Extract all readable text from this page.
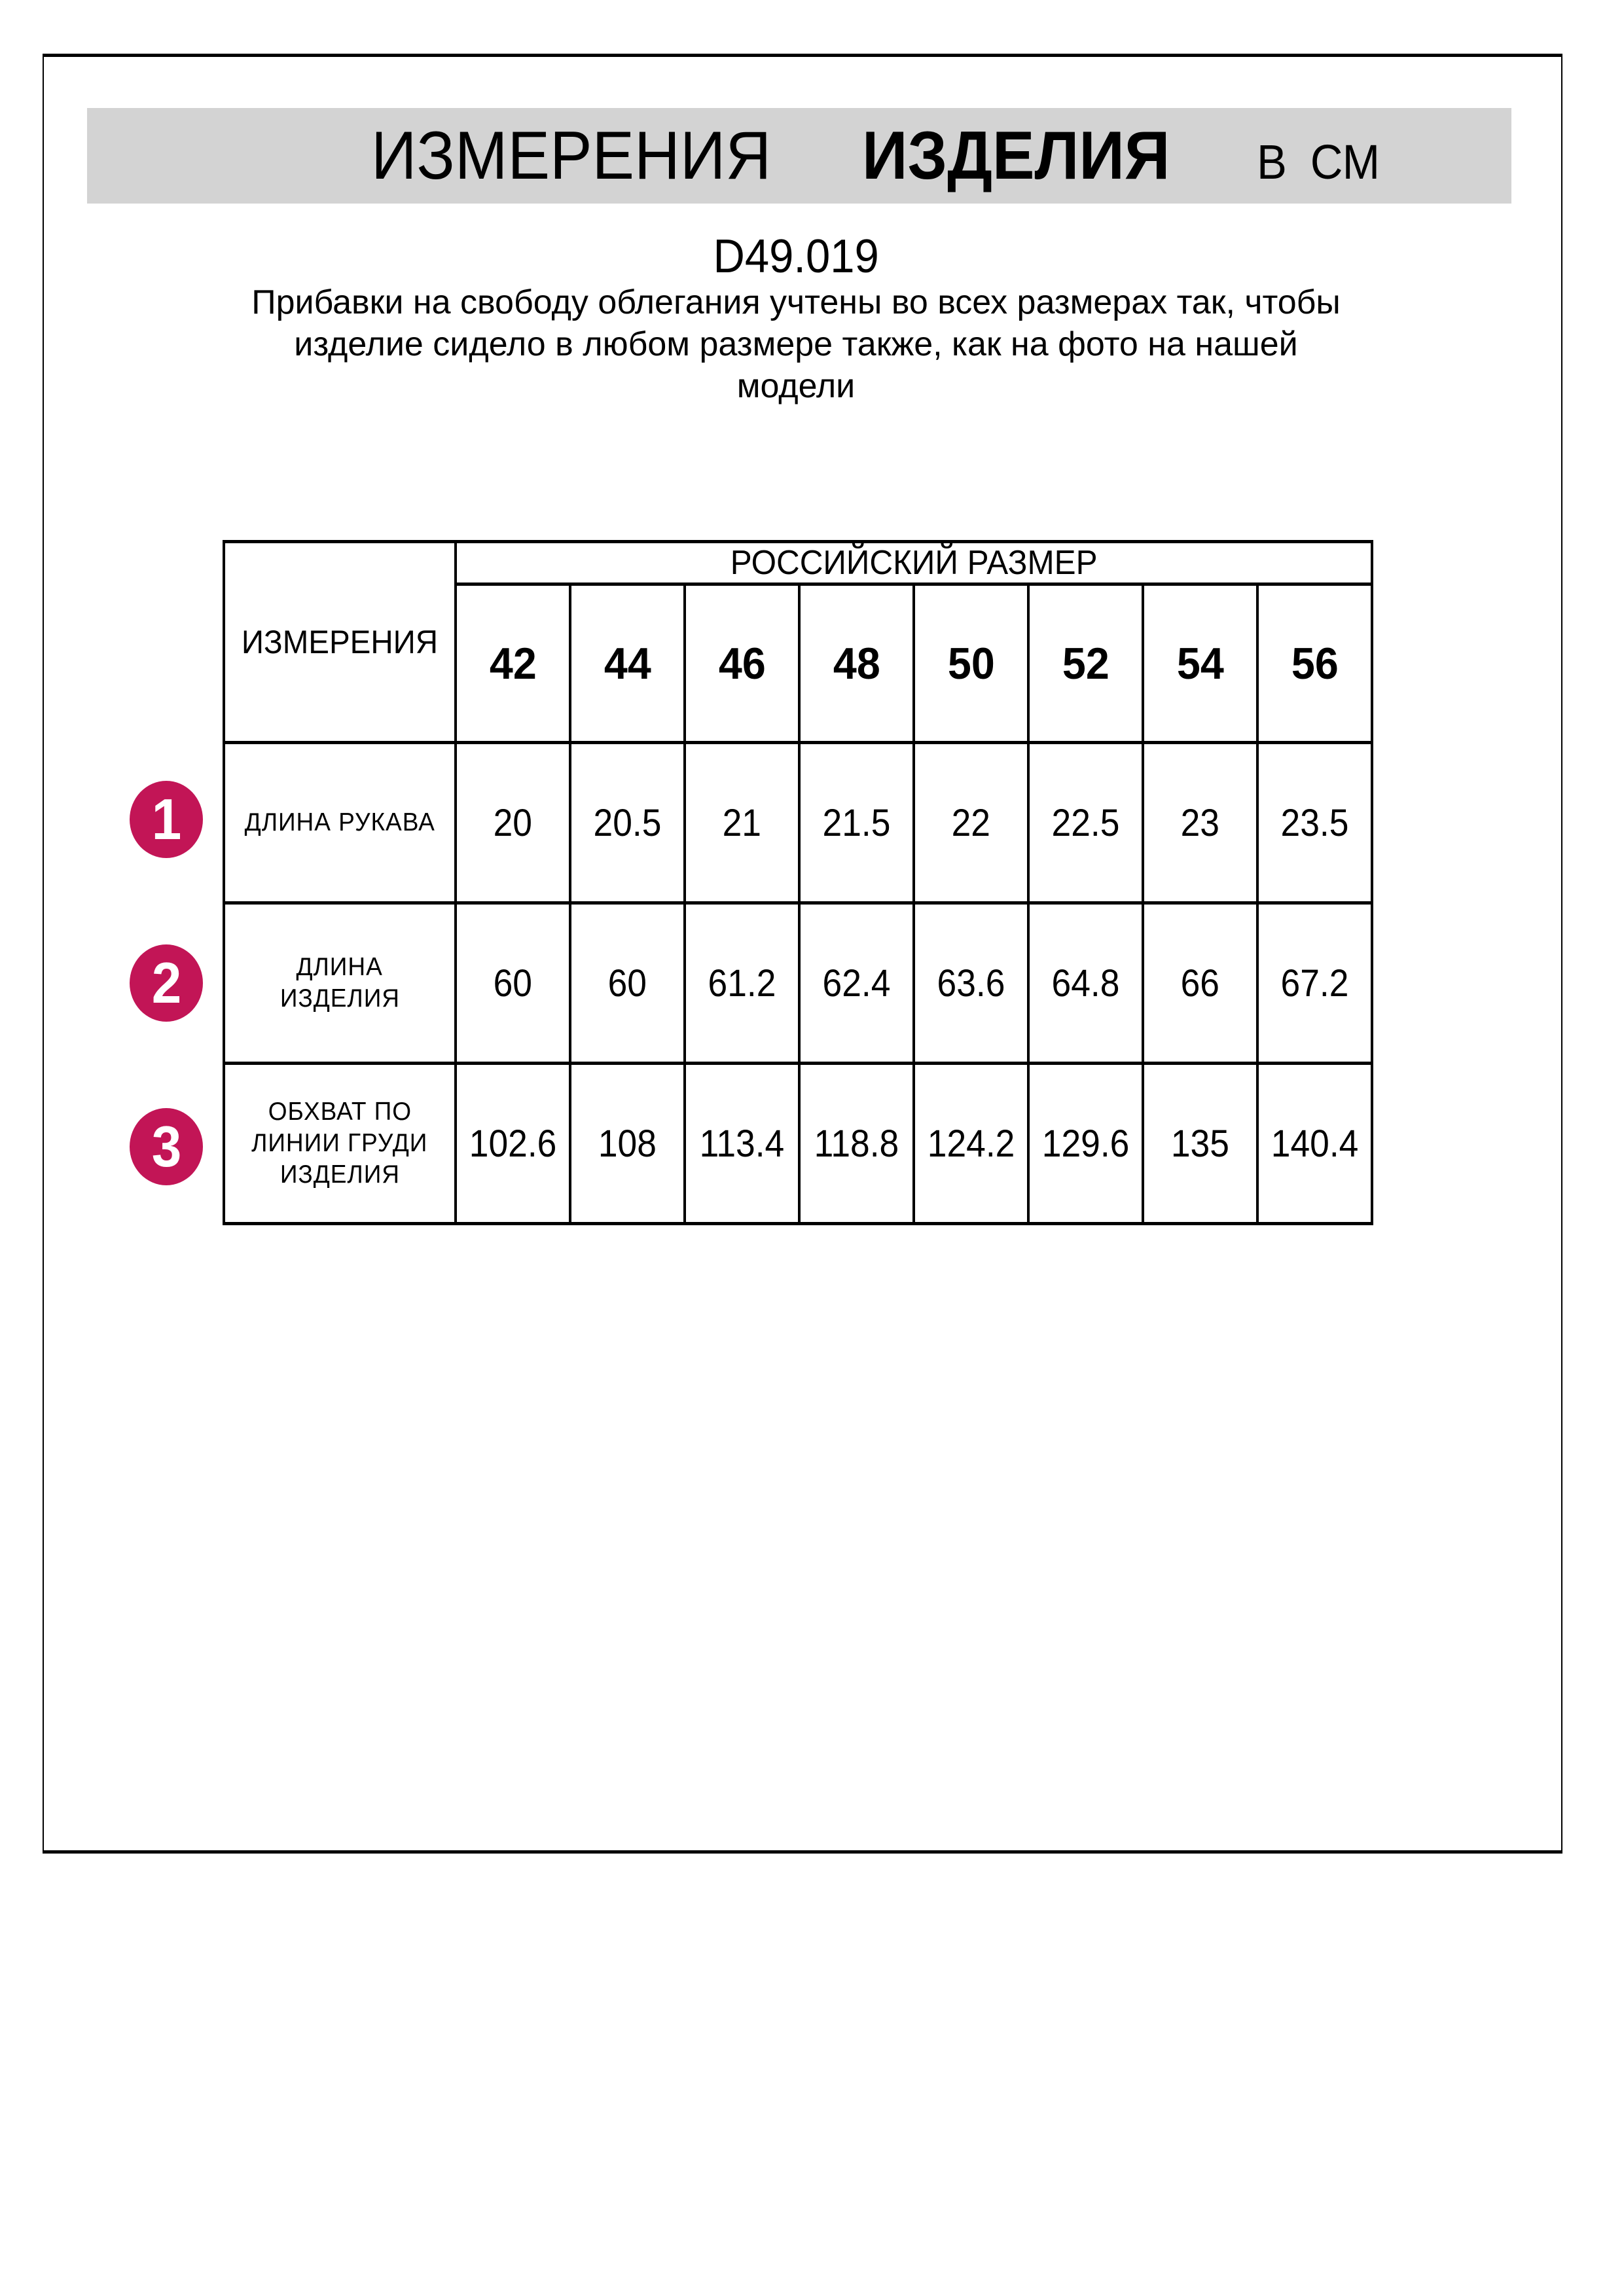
ИЗМЕРЕНИЯ ИЗДЕЛИЯ В СМ
D49.019
Прибавки на свободу облегания учтены во всех размерах так, чтобы
изделие сидело в любом размере также, как на фото на нашей
модели
ИЗМЕРЕНИЯ	РОССИЙСКИЙ РАЗМЕР							
	42	44	46	48	50	52	54	56

ДЛИНА РУКАВА	20	20.5	21	21.5	22	22.5	23	23.5

ДЛИНА
ИЗДЕЛИЯ	60	60	61.2	62.4	63.6	64.8	66	67.2

ОБХВАТ ПО
ЛИНИИ ГРУДИ
ИЗДЕЛИЯ	102.6	108	113.4	118.8	124.2	129.6	135	140.4
1
2
3
